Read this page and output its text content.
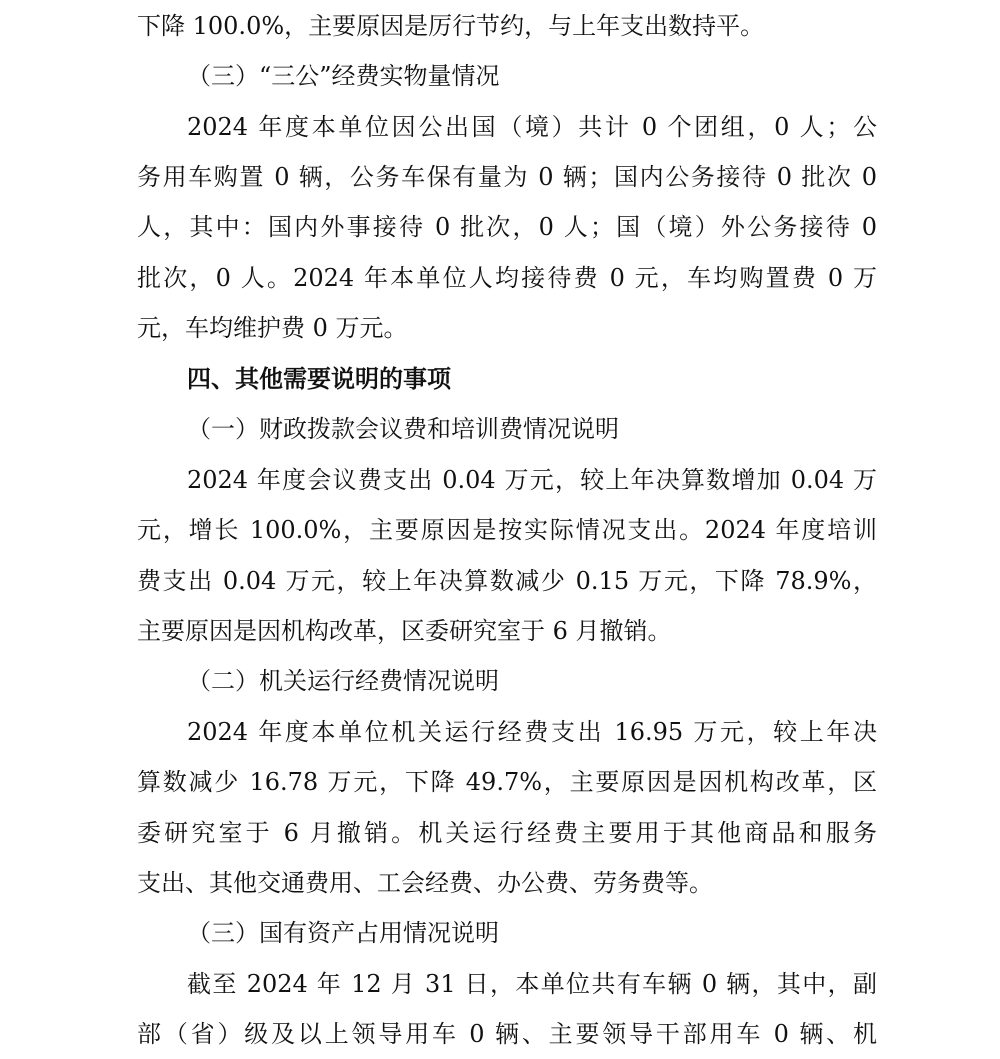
下降 100.0%，主要原因是厉行节约，与上年支出数持平。
（三）“三公”经费实物量情况
2024 年度本单位因公出国（境）共计 0 个团组，0 人；公
务用车购置 0 辆，公务车保有量为 0 辆；国内公务接待 0 批次 0
人，其中：国内外事接待 0 批次，0 人；国（境）外公务接待 0
批次，0 人。2024 年本单位人均接待费 0 元，车均购置费 0 万
元，车均维护费 0 万元。
四、其他需要说明的事项
（一）财政拨款会议费和培训费情况说明
2024 年度会议费支出 0.04 万元，较上年决算数增加 0.04 万
元，增长 100.0%，主要原因是按实际情况支出。2024 年度培训
费支出 0.04 万元，较上年决算数减少 0.15 万元，下降 78.9%，
主要原因是因机构改革，区委研究室于 6 月撤销。
（二）机关运行经费情况说明
2024 年度本单位机关运行经费支出 16.95 万元，较上年决
算数减少 16.78 万元，下降 49.7%，主要原因是因机构改革，区
委研究室于 6 月撤销。机关运行经费主要用于其他商品和服务
支出、其他交通费用、工会经费、办公费、劳务费等。
（三）国有资产占用情况说明
截至 2024 年 12 月 31 日，本单位共有车辆 0 辆，其中，副
部（省）级及以上领导用车 0 辆、主要领导干部用车 0 辆、机
